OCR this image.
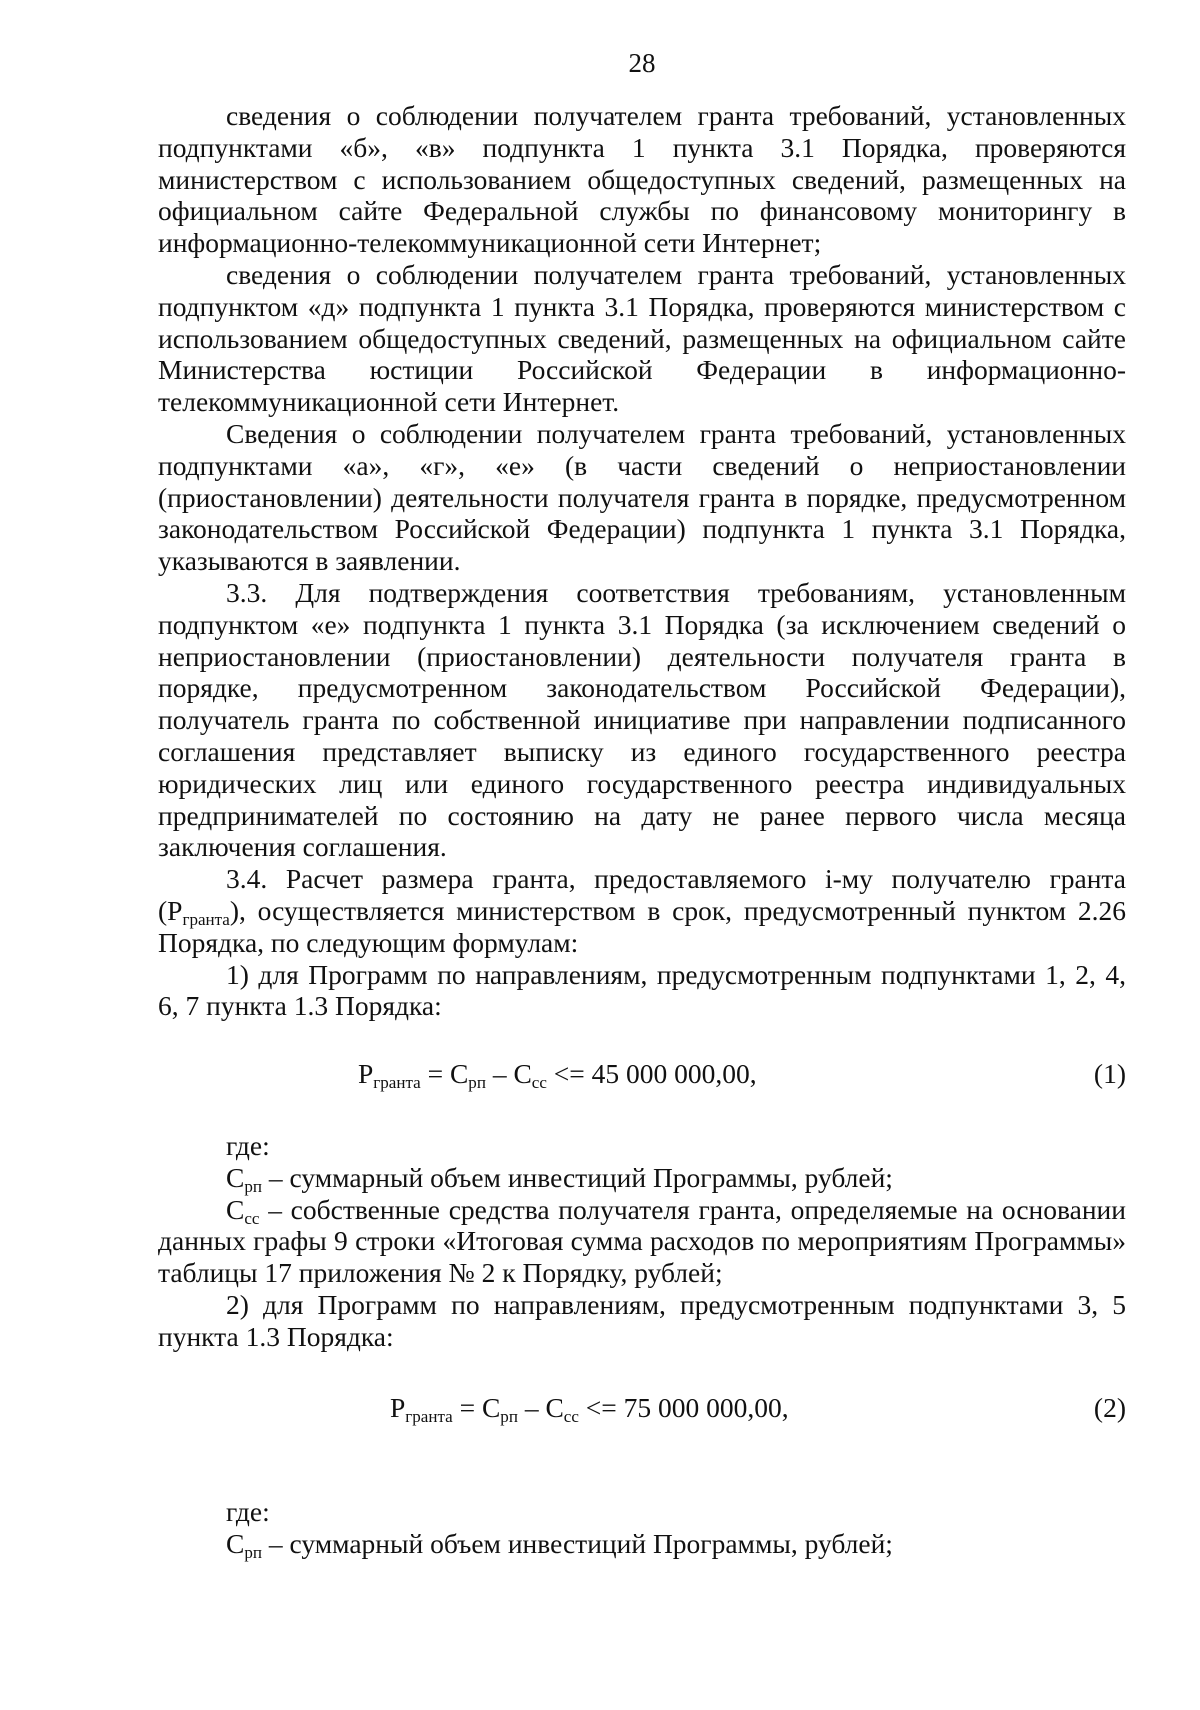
28

сведения о соблюдении получателем гранта требований, установленных подпунктами «б», «в» подпункта 1 пункта 3.1 Порядка, проверяются министерством с использованием общедоступных сведений, размещенных на официальном сайте Федеральной службы по финансовому мониторингу в информационно-телекоммуникационной сети Интернет;

сведения о соблюдении получателем гранта требований, установленных подпунктом «д» подпункта 1 пункта 3.1 Порядка, проверяются министерством с использованием общедоступных сведений, размещенных на официальном сайте Министерства юстиции Российской Федерации в информационно-телекоммуникационной сети Интернет.

Сведения о соблюдении получателем гранта требований, установленных подпунктами «а», «г», «е» (в части сведений о неприостановлении (приостановлении) деятельности получателя гранта в порядке, предусмотренном законодательством Российской Федерации) подпункта 1 пункта 3.1 Порядка, указываются в заявлении.

3.3. Для подтверждения соответствия требованиям, установленным подпунктом «е» подпункта 1 пункта 3.1 Порядка (за исключением сведений о неприостановлении (приостановлении) деятельности получателя гранта в порядке, предусмотренном законодательством Российской Федерации), получатель гранта по собственной инициативе при направлении подписанного соглашения представляет выписку из единого государственного реестра юридических лиц или единого государственного реестра индивидуальных предпринимателей по состоянию на дату не ранее первого числа месяца заключения соглашения.

3.4. Расчет размера гранта, предоставляемого i-му получателю гранта $(P_{гранта})$, осуществляется министерством в срок, предусмотренный пунктом 2.26 Порядка, по следующим формулам:

1) для Программ по направлениям, предусмотренным подпунктами 1, 2, 4, 6, 7 пункта 1.3 Порядка:

$P_{гранта} = C_{рп} - C_{сс} <= 45$ 000 000,00,	(1)
где:

$С_{рп}$ – суммарный объем инвестиций Программы, рублей;

$С_{сс}$ – собственные средства получателя гранта, определяемые на основании данных графы 9 строки «Итоговая сумма расходов по мероприятиям Программы» таблицы 17 приложения № 2 к Порядку, рублей;

2) для Программ по направлениям, предусмотренным подпунктами 3, 5 пункта 1.3 Порядка:

$P_{гранта} = C_{рп} - C_{сс} <= 75$ 000 000,00,	(2)
где:

$С_{рп}$ – суммарный объем инвестиций Программы, рублей;
